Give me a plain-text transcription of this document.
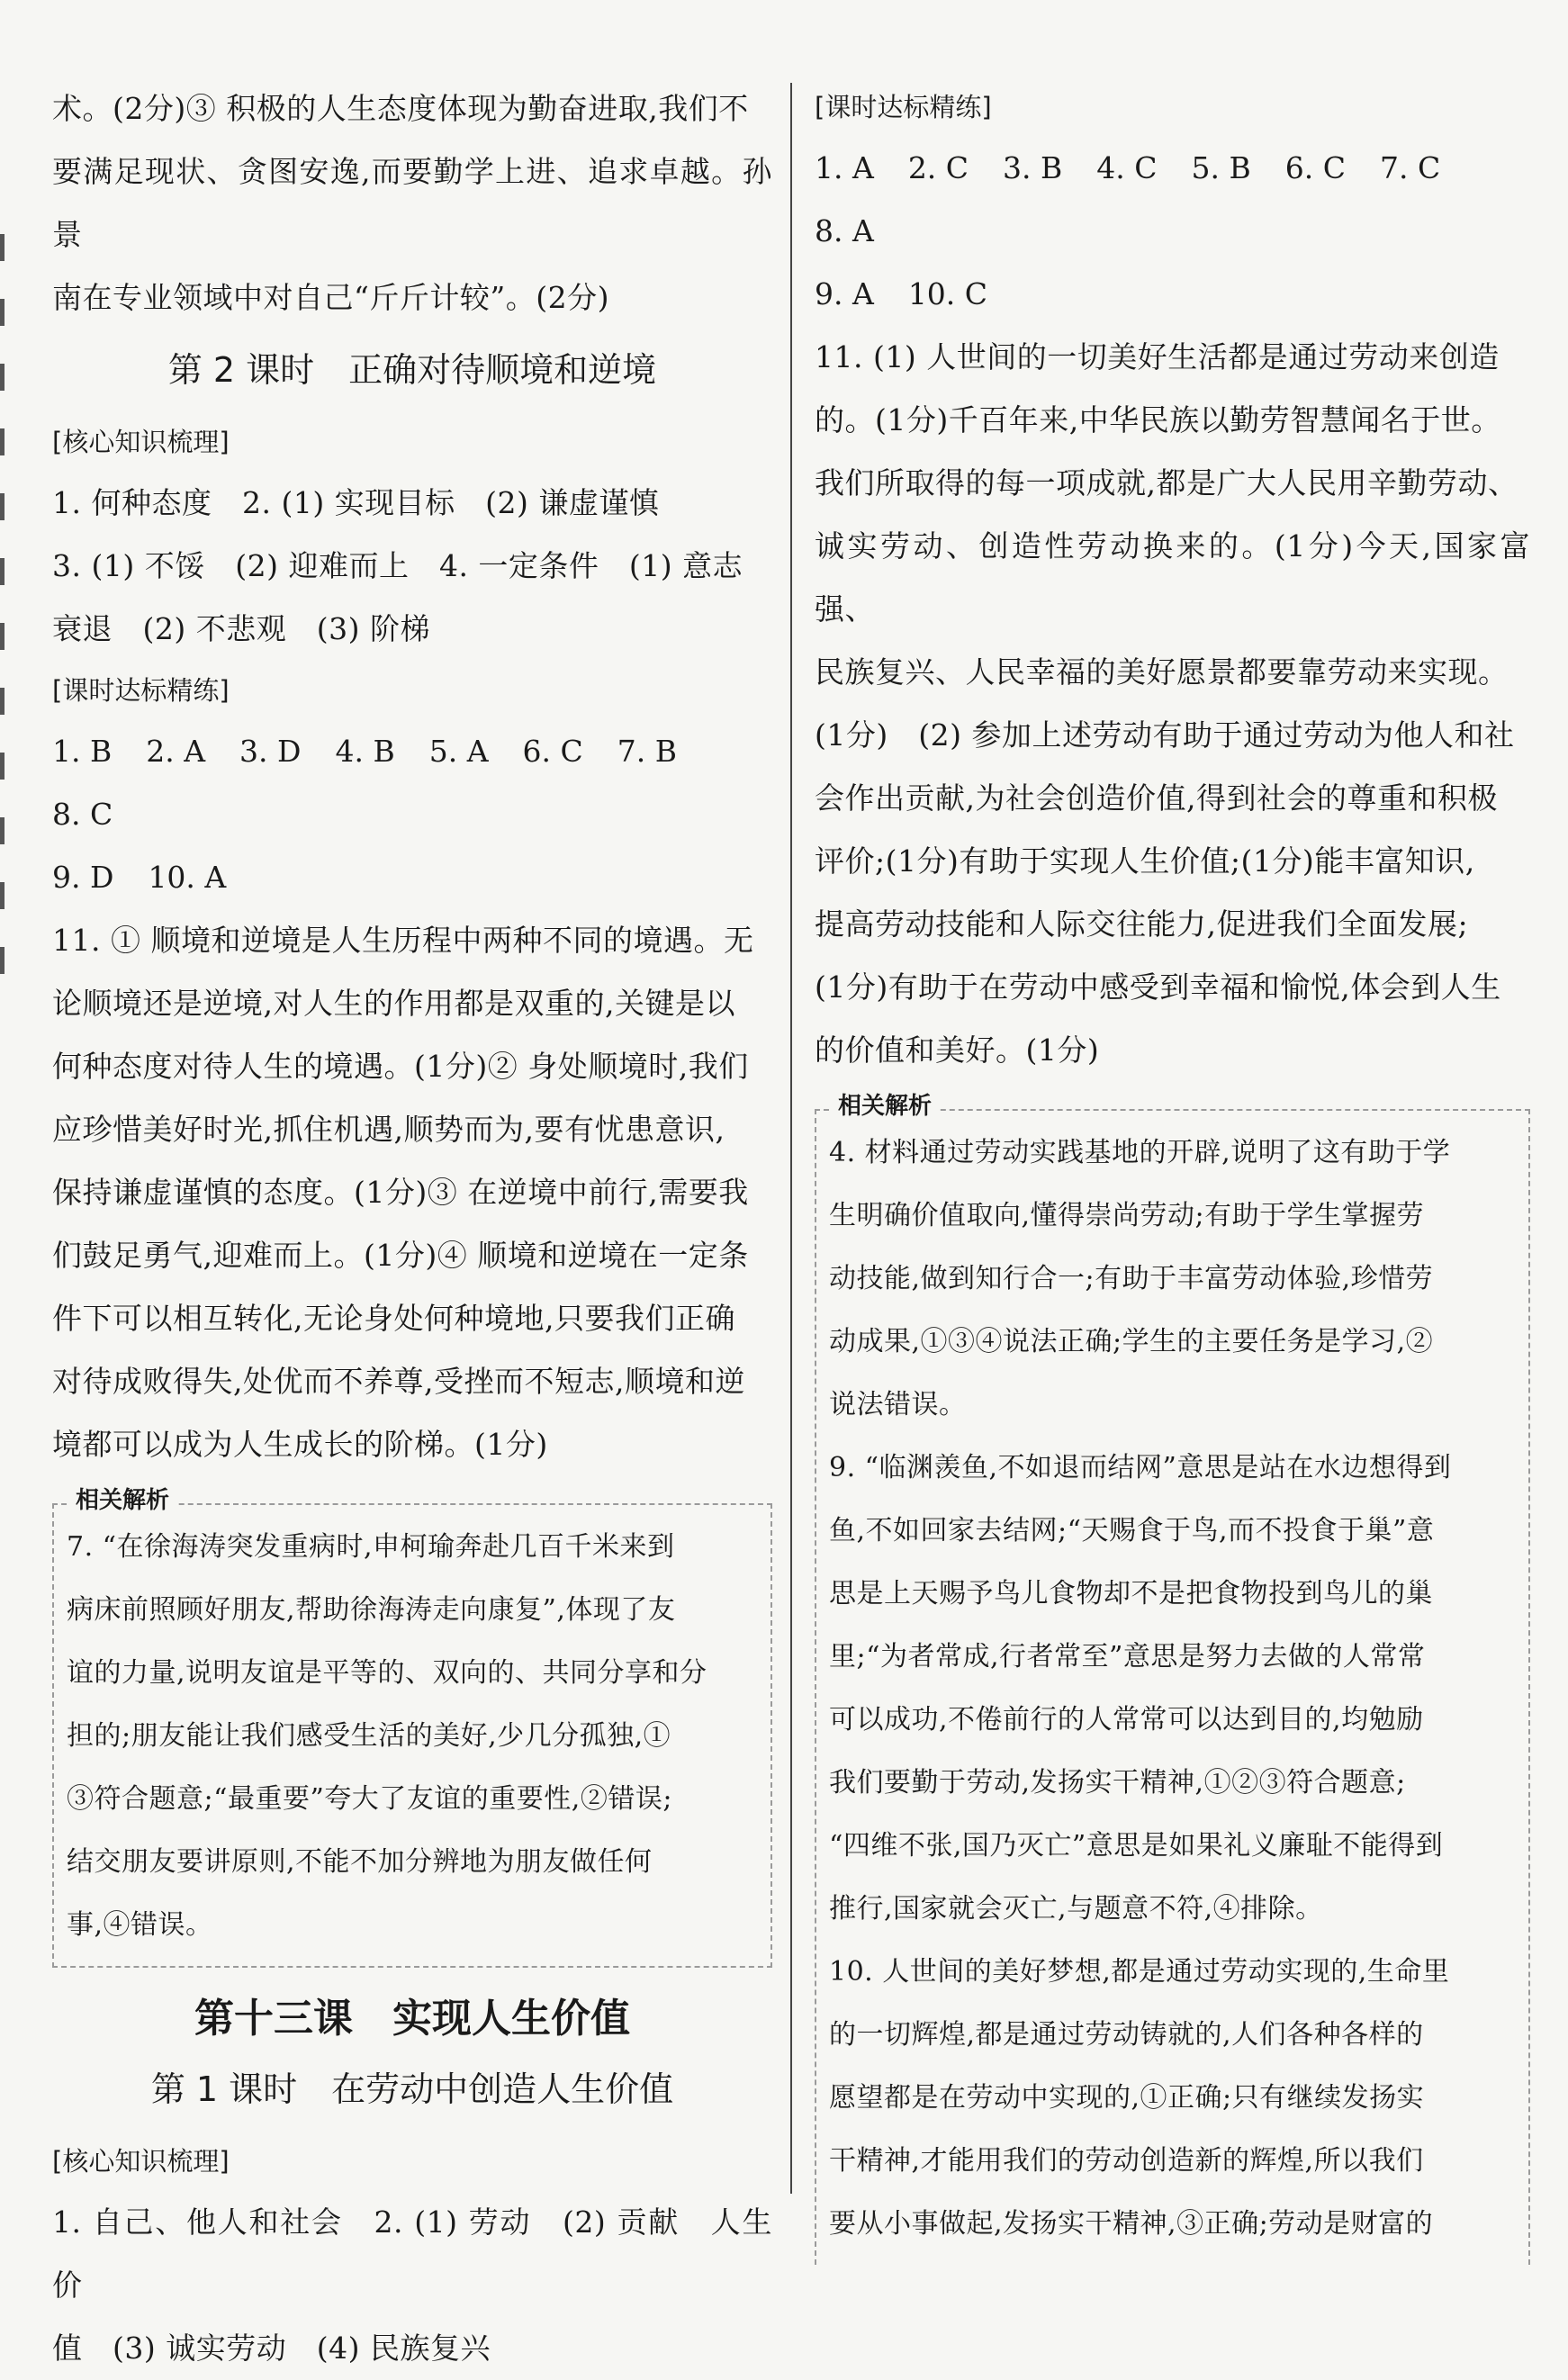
术。(2分)③ 积极的人生态度体现为勤奋进取,我们不

要满足现状、贪图安逸,而要勤学上进、追求卓越。孙景

南在专业领域中对自己“斤斤计较”。(2分)

第 2 课时　正确对待顺境和逆境

[核心知识梳理]

1. 何种态度　2. (1) 实现目标　(2) 谦虚谨慎

3. (1) 不馁　(2) 迎难而上　4. 一定条件　(1) 意志

衰退　(2) 不悲观　(3) 阶梯

[课时达标精练]

1. B 2. A 3. D 4. B 5. A 6. C 7. B
8. C
9. D 10. A

11. ① 顺境和逆境是人生历程中两种不同的境遇。无

论顺境还是逆境,对人生的作用都是双重的,关键是以

何种态度对待人生的境遇。(1分)② 身处顺境时,我们

应珍惜美好时光,抓住机遇,顺势而为,要有忧患意识,

保持谦虚谨慎的态度。(1分)③ 在逆境中前行,需要我

们鼓足勇气,迎难而上。(1分)④ 顺境和逆境在一定条

件下可以相互转化,无论身处何种境地,只要我们正确

对待成败得失,处优而不养尊,受挫而不短志,顺境和逆

境都可以成为人生成长的阶梯。(1分)

相关解析

7. “在徐海涛突发重病时,申柯瑜奔赴几百千米来到

病床前照顾好朋友,帮助徐海涛走向康复”,体现了友

谊的力量,说明友谊是平等的、双向的、共同分享和分

担的;朋友能让我们感受生活的美好,少几分孤独,①

③符合题意;“最重要”夸大了友谊的重要性,②错误;

结交朋友要讲原则,不能不加分辨地为朋友做任何

事,④错误。

第十三课　实现人生价值
第 1 课时　在劳动中创造人生价值

[核心知识梳理]

1. 自己、他人和社会　2. (1) 劳动　(2) 贡献　人生价

值　(3) 诚实劳动　(4) 民族复兴

[课时达标精练]

1. A 2. C 3. B 4. C 5. B 6. C 7. C
8. A
9. A 10. C

11. (1) 人世间的一切美好生活都是通过劳动来创造

的。(1分)千百年来,中华民族以勤劳智慧闻名于世。

我们所取得的每一项成就,都是广大人民用辛勤劳动、

诚实劳动、创造性劳动换来的。(1分)今天,国家富强、

民族复兴、人民幸福的美好愿景都要靠劳动来实现。

(1分)　(2) 参加上述劳动有助于通过劳动为他人和社

会作出贡献,为社会创造价值,得到社会的尊重和积极

评价;(1分)有助于实现人生价值;(1分)能丰富知识,

提高劳动技能和人际交往能力,促进我们全面发展;

(1分)有助于在劳动中感受到幸福和愉悦,体会到人生

的价值和美好。(1分)

相关解析

4. 材料通过劳动实践基地的开辟,说明了这有助于学

生明确价值取向,懂得崇尚劳动;有助于学生掌握劳

动技能,做到知行合一;有助于丰富劳动体验,珍惜劳

动成果,①③④说法正确;学生的主要任务是学习,②

说法错误。

9. “临渊羡鱼,不如退而结网”意思是站在水边想得到

鱼,不如回家去结网;“天赐食于鸟,而不投食于巢”意

思是上天赐予鸟儿食物却不是把食物投到鸟儿的巢

里;“为者常成,行者常至”意思是努力去做的人常常

可以成功,不倦前行的人常常可以达到目的,均勉励

我们要勤于劳动,发扬实干精神,①②③符合题意;

“四维不张,国乃灭亡”意思是如果礼义廉耻不能得到

推行,国家就会灭亡,与题意不符,④排除。

10. 人世间的美好梦想,都是通过劳动实现的,生命里

的一切辉煌,都是通过劳动铸就的,人们各种各样的

愿望都是在劳动中实现的,①正确;只有继续发扬实

干精神,才能用我们的劳动创造新的辉煌,所以我们

要从小事做起,发扬实干精神,③正确;劳动是财富的
